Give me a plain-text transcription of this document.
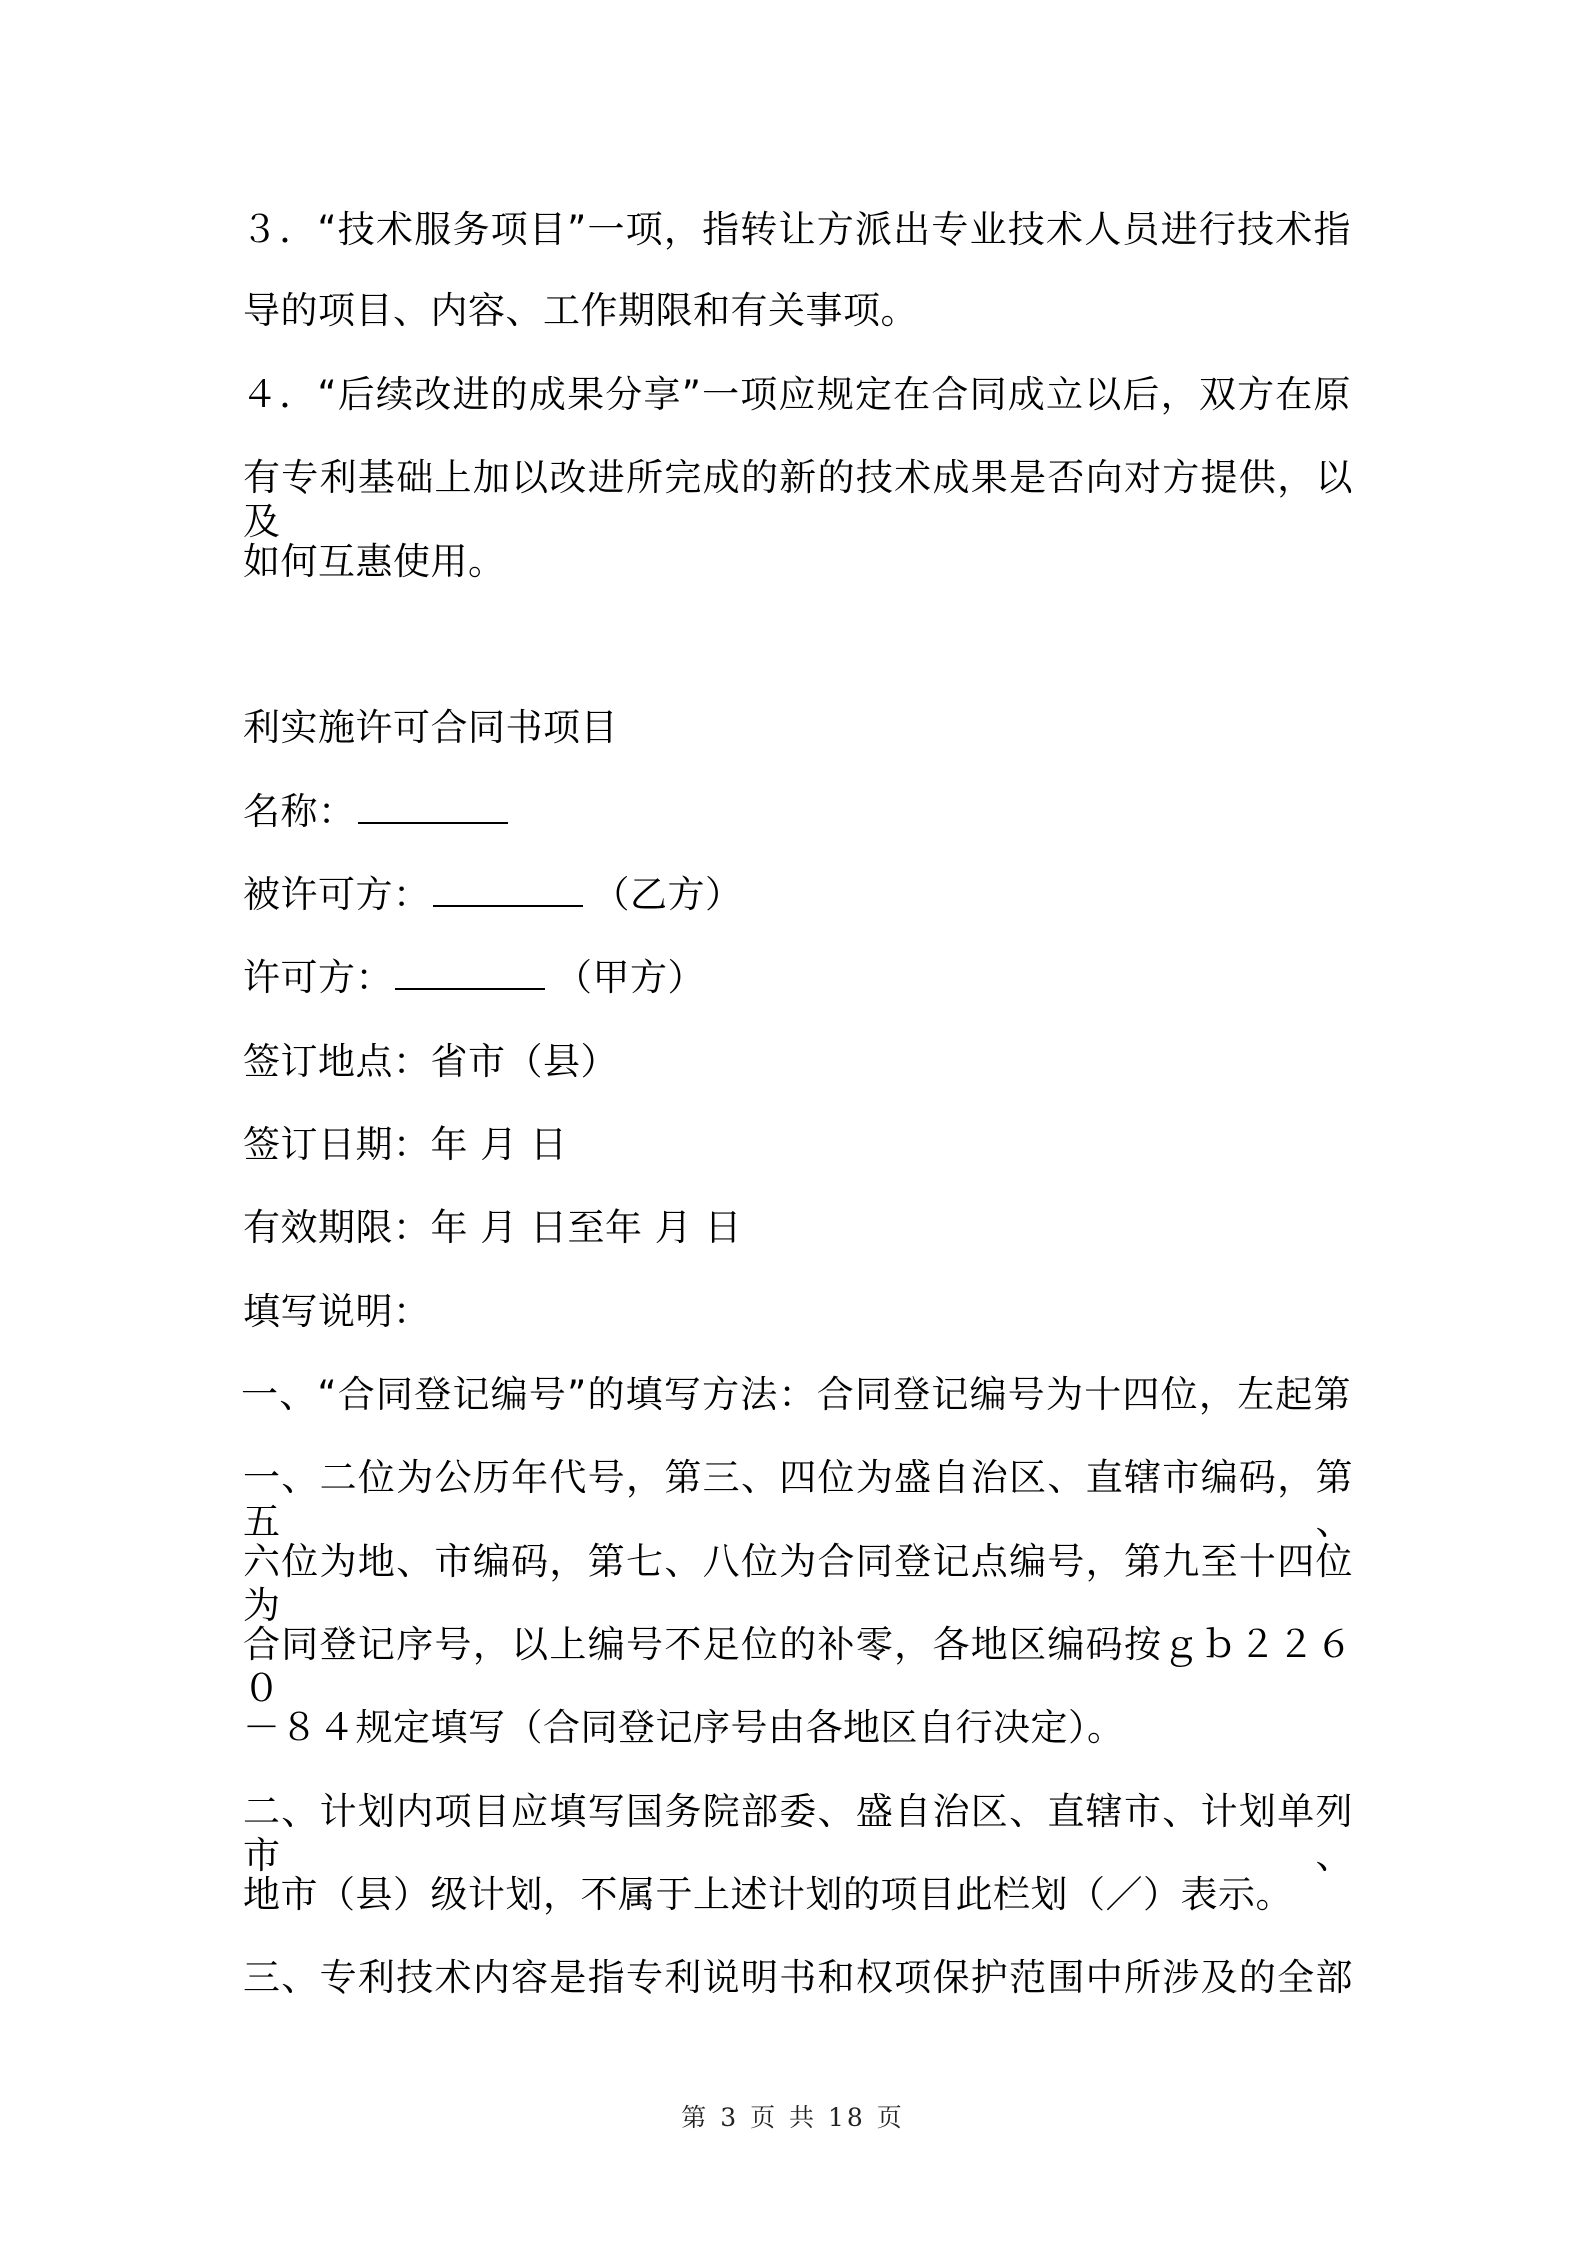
３．“技术服务项目”一项，指转让方派出专业技术人员进行技术指
导的项目、内容、工作期限和有关事项。
４．“后续改进的成果分享”一项应规定在合同成立以后，双方在原
有专利基础上加以改进所完成的新的技术成果是否向对方提供，以及
如何互惠使用。
利实施许可合同书项目
名称：
被许可方：	（乙方）
许可方：	（甲方）
签订地点：省市（县）
签订日期：年 月 日
有效期限：年 月 日至年 月 日
填写说明：
一、“合同登记编号”的填写方法：合同登记编号为十四位，左起第
一、二位为公历年代号，第三、四位为盛自治区、直辖市编码，第五、
六位为地、市编码，第七、八位为合同登记点编号，第九至十四位为
合同登记序号，以上编号不足位的补零，各地区编码按ｇｂ２２６０
－８４规定填写（合同登记序号由各地区自行决定）。
二、计划内项目应填写国务院部委、盛自治区、直辖市、计划单列市、
地市（县）级计划，不属于上述计划的项目此栏划（／）表示。
三、专利技术内容是指专利说明书和权项保护范围中所涉及的全部
第 3 页 共 18 页
